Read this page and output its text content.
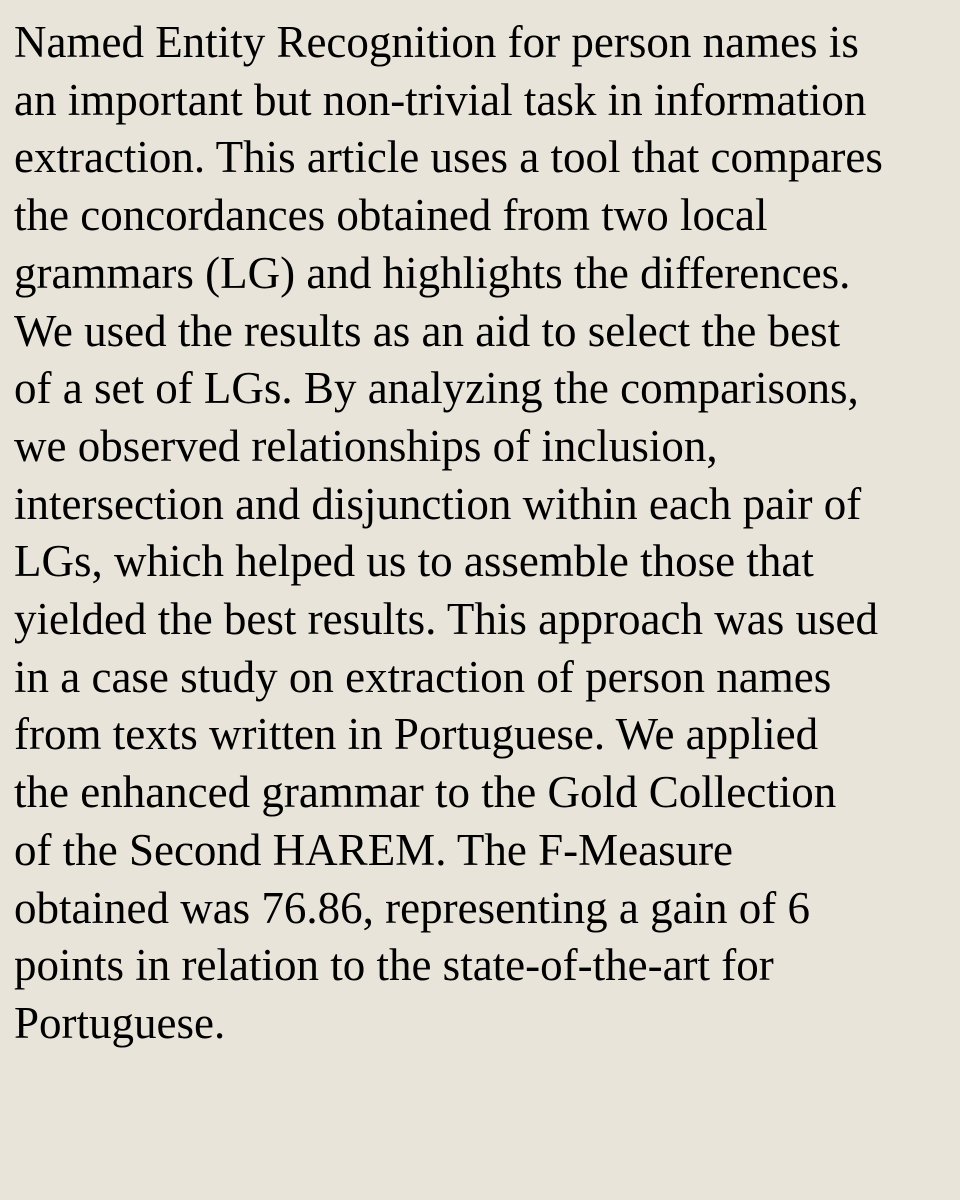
Named Entity Recognition for person names is
an important but non-trivial task in information
extraction. This article uses a tool that compares
the concordances obtained from two local
grammars (LG) and highlights the differences.
We used the results as an aid to select the best
of a set of LGs. By analyzing the comparisons,
we observed relationships of inclusion,
intersection and disjunction within each pair of
LGs, which helped us to assemble those that
yielded the best results. This approach was used
in a case study on extraction of person names
from texts written in Portuguese. We applied
the enhanced grammar to the Gold Collection
of the Second HAREM. The F-Measure
obtained was 76.86, representing a gain of 6
points in relation to the state-of-the-art for
Portuguese.
